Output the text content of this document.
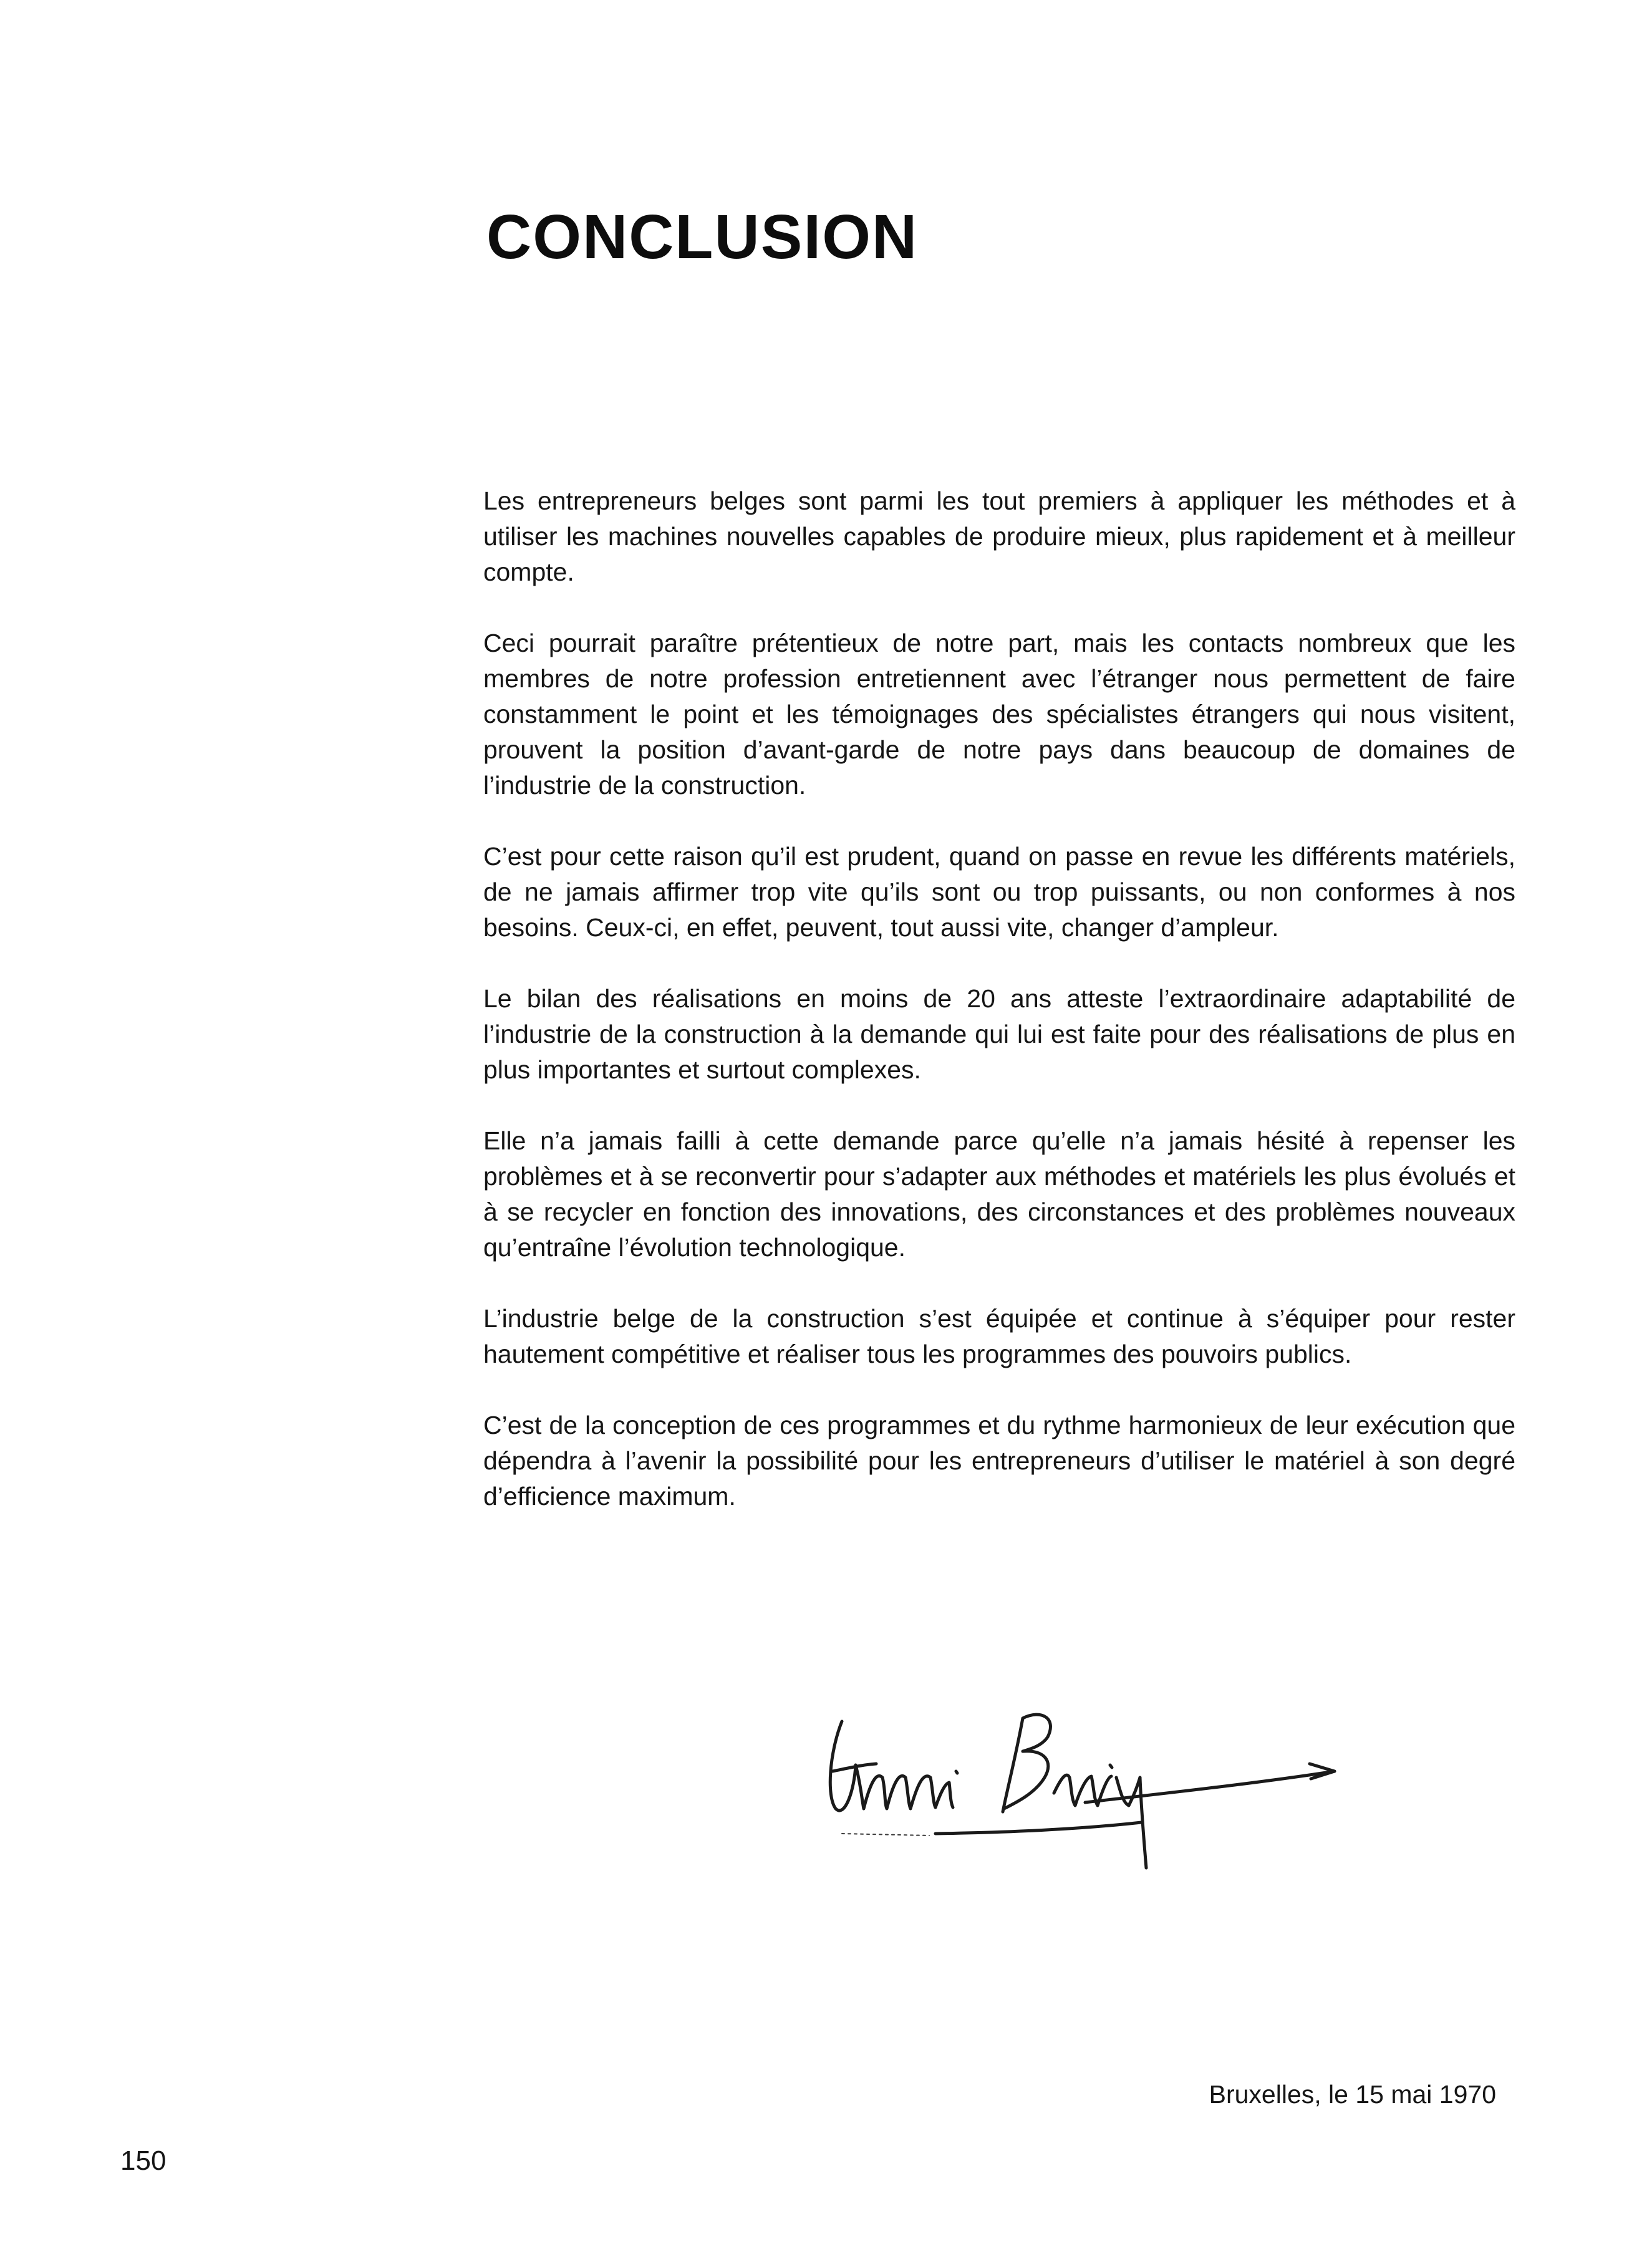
CONCLUSION

Les entrepreneurs belges sont parmi les tout premiers à appliquer les méthodes et à utiliser les machines nouvelles capables de produire mieux, plus rapidement et à meilleur compte.

Ceci pourrait paraître prétentieux de notre part, mais les contacts nombreux que les membres de notre profession entretiennent avec l’étranger nous permettent de faire constamment le point et les témoignages des spécialistes étrangers qui nous visitent, prouvent la position d’avant-garde de notre pays dans beaucoup de domaines de l’industrie de la construction.

C’est pour cette raison qu’il est prudent, quand on passe en revue les différents matériels, de ne jamais affirmer trop vite qu’ils sont ou trop puissants, ou non conformes à nos besoins. Ceux-ci, en effet, peuvent, tout aussi vite, changer d’ampleur.

Le bilan des réalisations en moins de 20 ans atteste l’extraordinaire adaptabilité de l’industrie de la construction à la demande qui lui est faite pour des réalisations de plus en plus importantes et surtout complexes.

Elle n’a jamais failli à cette demande parce qu’elle n’a jamais hésité à repenser les problèmes et à se reconvertir pour s’adapter aux méthodes et matériels les plus évolués et à se recycler en fonction des innovations, des circonstances et des problèmes nouveaux qu’entraîne l’évolution technologique.

L’industrie belge de la construction s’est équipée et continue à s’équiper pour rester hautement compétitive et réaliser tous les programmes des pouvoirs publics.

C’est de la conception de ces programmes et du rythme harmonieux de leur exécution que dépendra à l’avenir la possibilité pour les entrepreneurs d’utiliser le matériel à son degré d’efficience maximum.

Bruxelles, le 15 mai 1970
150
